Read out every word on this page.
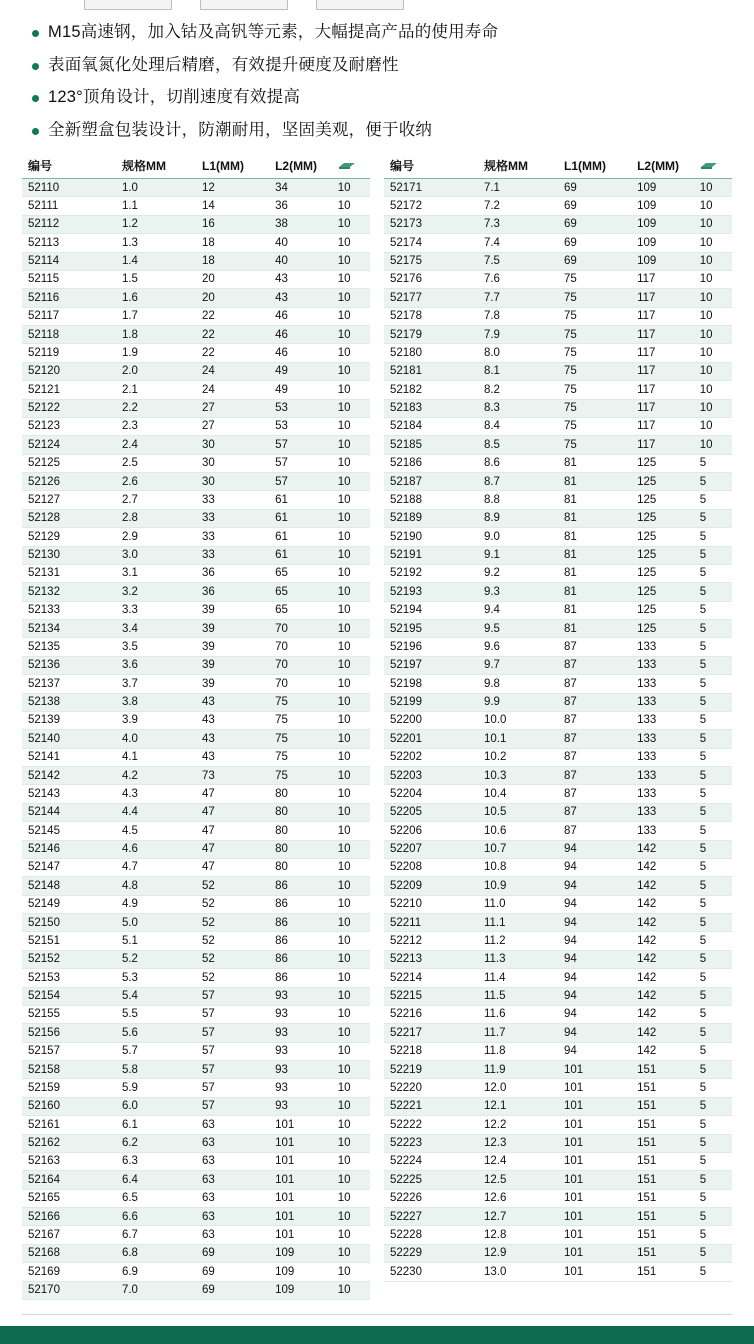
M15高速钢，加入钴及高钒等元素，大幅提高产品的使用寿命
表面氧氮化处理后精磨，有效提升硬度及耐磨性
123°顶角设计，切削速度有效提高
全新塑盒包装设计，防潮耐用，坚固美观，便于收纳
编号	规格MM	L1(MM)	L2(MM)	

52110	1.0	12	34	10
52111	1.1	14	36	10
52112	1.2	16	38	10
52113	1.3	18	40	10
52114	1.4	18	40	10
52115	1.5	20	43	10
52116	1.6	20	43	10
52117	1.7	22	46	10
52118	1.8	22	46	10
52119	1.9	22	46	10
52120	2.0	24	49	10
52121	2.1	24	49	10
52122	2.2	27	53	10
52123	2.3	27	53	10
52124	2.4	30	57	10
52125	2.5	30	57	10
52126	2.6	30	57	10
52127	2.7	33	61	10
52128	2.8	33	61	10
52129	2.9	33	61	10
52130	3.0	33	61	10
52131	3.1	36	65	10
52132	3.2	36	65	10
52133	3.3	39	65	10
52134	3.4	39	70	10
52135	3.5	39	70	10
52136	3.6	39	70	10
52137	3.7	39	70	10
52138	3.8	43	75	10
52139	3.9	43	75	10
52140	4.0	43	75	10
52141	4.1	43	75	10
52142	4.2	73	75	10
52143	4.3	47	80	10
52144	4.4	47	80	10
52145	4.5	47	80	10
52146	4.6	47	80	10
52147	4.7	47	80	10
52148	4.8	52	86	10
52149	4.9	52	86	10
52150	5.0	52	86	10
52151	5.1	52	86	10
52152	5.2	52	86	10
52153	5.3	52	86	10
52154	5.4	57	93	10
52155	5.5	57	93	10
52156	5.6	57	93	10
52157	5.7	57	93	10
52158	5.8	57	93	10
52159	5.9	57	93	10
52160	6.0	57	93	10
52161	6.1	63	101	10
52162	6.2	63	101	10
52163	6.3	63	101	10
52164	6.4	63	101	10
52165	6.5	63	101	10
52166	6.6	63	101	10
52167	6.7	63	101	10
52168	6.8	69	109	10
52169	6.9	69	109	10
52170	7.0	69	109	10
编号	规格MM	L1(MM)	L2(MM)	

52171	7.1	69	109	10
52172	7.2	69	109	10
52173	7.3	69	109	10
52174	7.4	69	109	10
52175	7.5	69	109	10
52176	7.6	75	117	10
52177	7.7	75	117	10
52178	7.8	75	117	10
52179	7.9	75	117	10
52180	8.0	75	117	10
52181	8.1	75	117	10
52182	8.2	75	117	10
52183	8.3	75	117	10
52184	8.4	75	117	10
52185	8.5	75	117	10
52186	8.6	81	125	5
52187	8.7	81	125	5
52188	8.8	81	125	5
52189	8.9	81	125	5
52190	9.0	81	125	5
52191	9.1	81	125	5
52192	9.2	81	125	5
52193	9.3	81	125	5
52194	9.4	81	125	5
52195	9.5	81	125	5
52196	9.6	87	133	5
52197	9.7	87	133	5
52198	9.8	87	133	5
52199	9.9	87	133	5
52200	10.0	87	133	5
52201	10.1	87	133	5
52202	10.2	87	133	5
52203	10.3	87	133	5
52204	10.4	87	133	5
52205	10.5	87	133	5
52206	10.6	87	133	5
52207	10.7	94	142	5
52208	10.8	94	142	5
52209	10.9	94	142	5
52210	11.0	94	142	5
52211	11.1	94	142	5
52212	11.2	94	142	5
52213	11.3	94	142	5
52214	11.4	94	142	5
52215	11.5	94	142	5
52216	11.6	94	142	5
52217	11.7	94	142	5
52218	11.8	94	142	5
52219	11.9	101	151	5
52220	12.0	101	151	5
52221	12.1	101	151	5
52222	12.2	101	151	5
52223	12.3	101	151	5
52224	12.4	101	151	5
52225	12.5	101	151	5
52226	12.6	101	151	5
52227	12.7	101	151	5
52228	12.8	101	151	5
52229	12.9	101	151	5
52230	13.0	101	151	5
